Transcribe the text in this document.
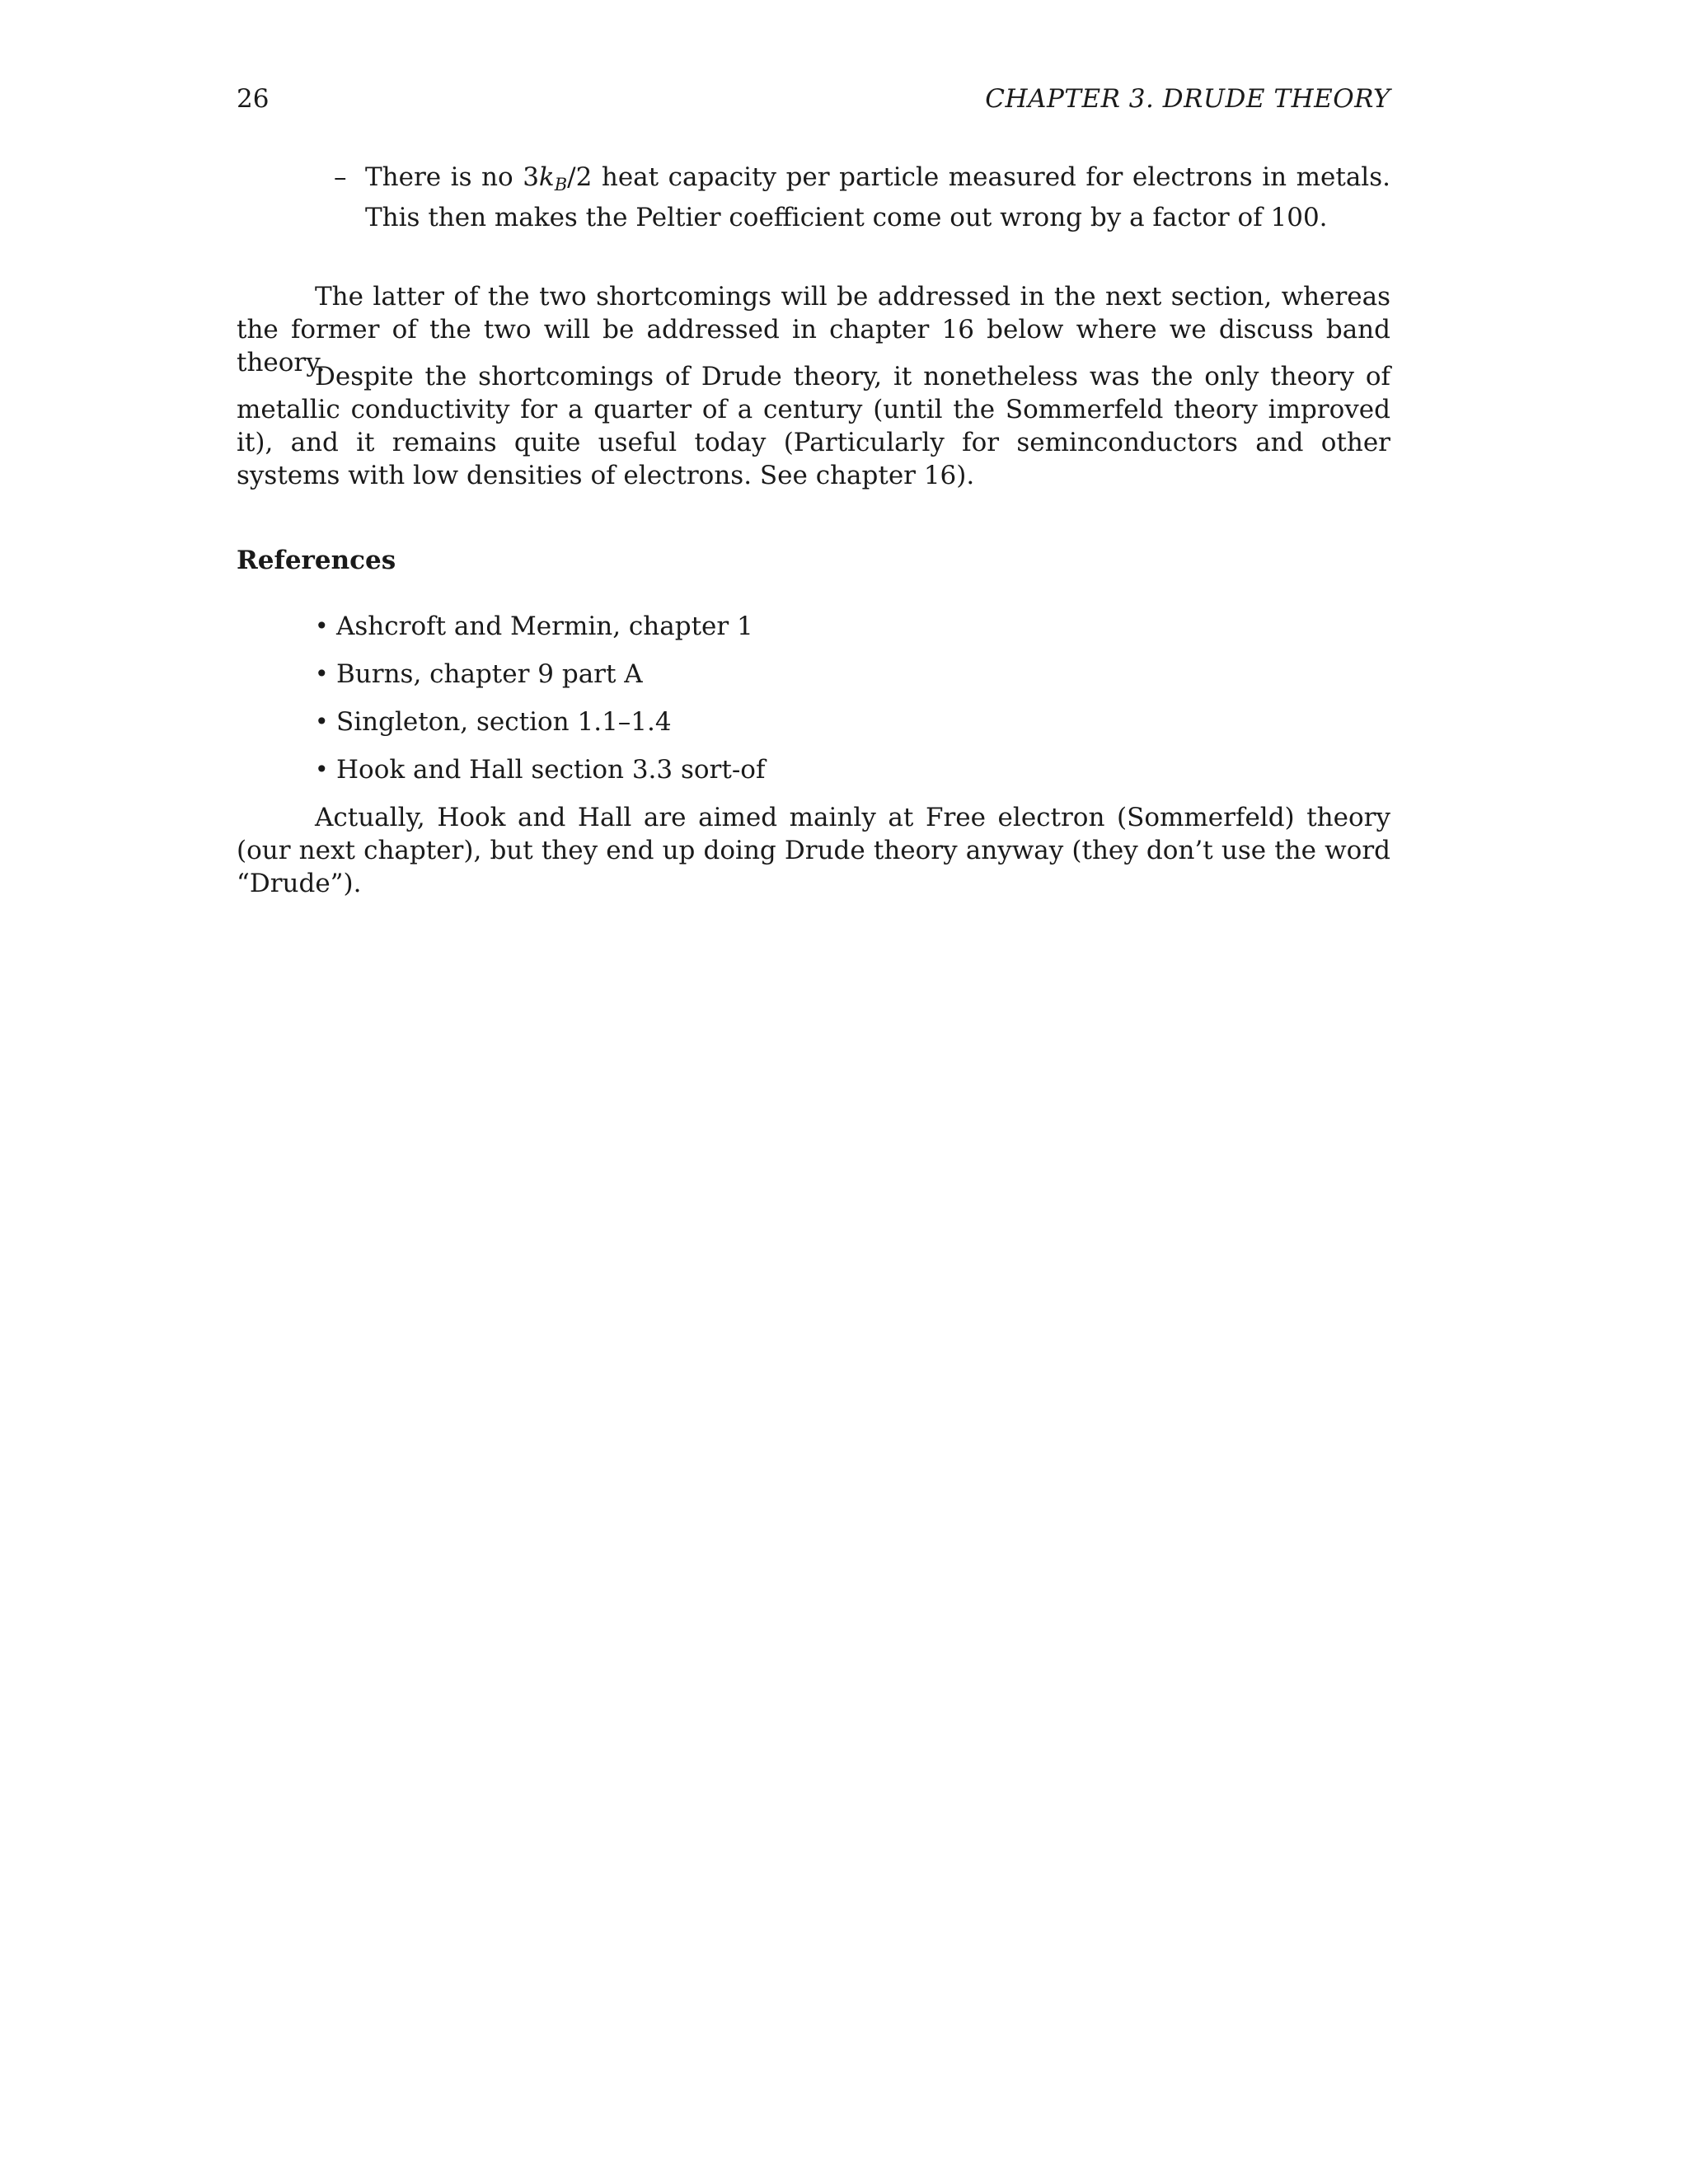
26	CHAPTER 3. DRUDE THEORY
– There is no $3k_B/2$ heat capacity per particle measured for electrons in metals. This then makes the Peltier coefficient come out wrong by a factor of 100.

The latter of the two shortcomings will be addressed in the next section, whereas the former of the two will be addressed in chapter 16 below where we discuss band theory.

Despite the shortcomings of Drude theory, it nonetheless was the only theory of metallic conductivity for a quarter of a century (until the Sommerfeld theory improved it), and it remains quite useful today (Particularly for seminconductors and other systems with low densities of electrons. See chapter 16).

References
• Ashcroft and Mermin, chapter 1
• Burns, chapter 9 part A
• Singleton, section 1.1–1.4
• Hook and Hall section 3.3 sort-of

Actually, Hook and Hall are aimed mainly at Free electron (Sommerfeld) theory (our next chapter), but they end up doing Drude theory anyway (they don’t use the word “Drude”).
